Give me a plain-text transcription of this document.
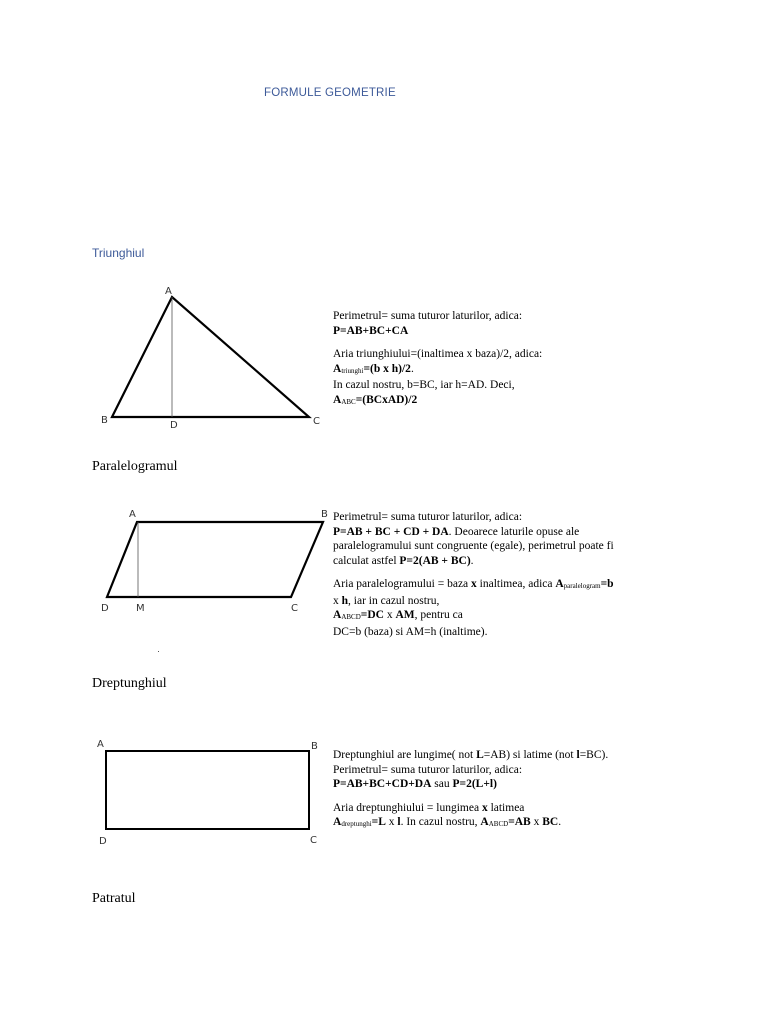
FORMULE GEOMETRIE
Triunghiul
A
B	C
D

Perimetrul= suma tuturor laturilor, adica:

P=AB+BC+CA

Aria triunghiului=(inaltimea x baza)/2, adica:

$A_{triunghi}=(b$ x h)/2.

In cazul nostru, b=BC, iar h=AD. Deci,

$A_{ABC}=(BCxAD)/2$

Paralelogramul
A	B
C
D	M

Perimetrul= suma tuturor laturilor, adica:

P=AB + BC + CD + DA. Deoarece laturile opuse ale

paralelogramului sunt congruente (egale), perimetrul poate fi

calculat astfel P=2(AB + BC).

Aria paralelogramului = baza x inaltimea, adica $A_{paralelogram}=b$

x h, iar in cazul nostru,

$A_{ABCD}=DC$ x AM, pentru ca

DC=b (baza) si AM=h (inaltime).

Dreptunghiul
A	B
C
D

Dreptunghiul are lungime( not L=AB) si latime (not l=BC).

Perimetrul= suma tuturor laturilor, adica:

P=AB+BC+CD+DA sau P=2(L+l)

Aria dreptunghiului = lungimea x latimea

$A_{dreptunghi}=L$ x l. In cazul nostru, $A_{ABCD}=AB$ x BC.

Patratul
